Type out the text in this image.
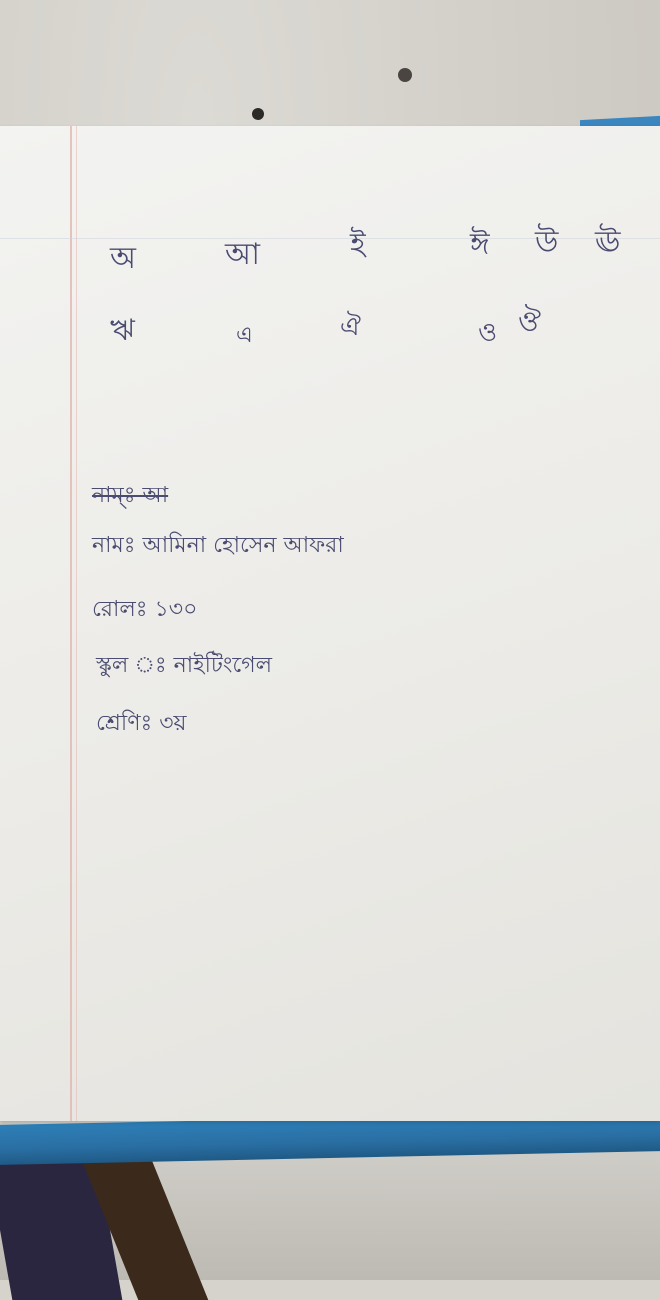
অ	আ	ই	ঈ উ ঊ
ঋ	এ	ঐ	ও ঔ
নাম্ঃ আ
নামঃ আমিনা হোসেন আফরা
রোলঃ ১৩০
স্কুল ঃ নাইটিংগেল
শ্রেণিঃ ৩য়
